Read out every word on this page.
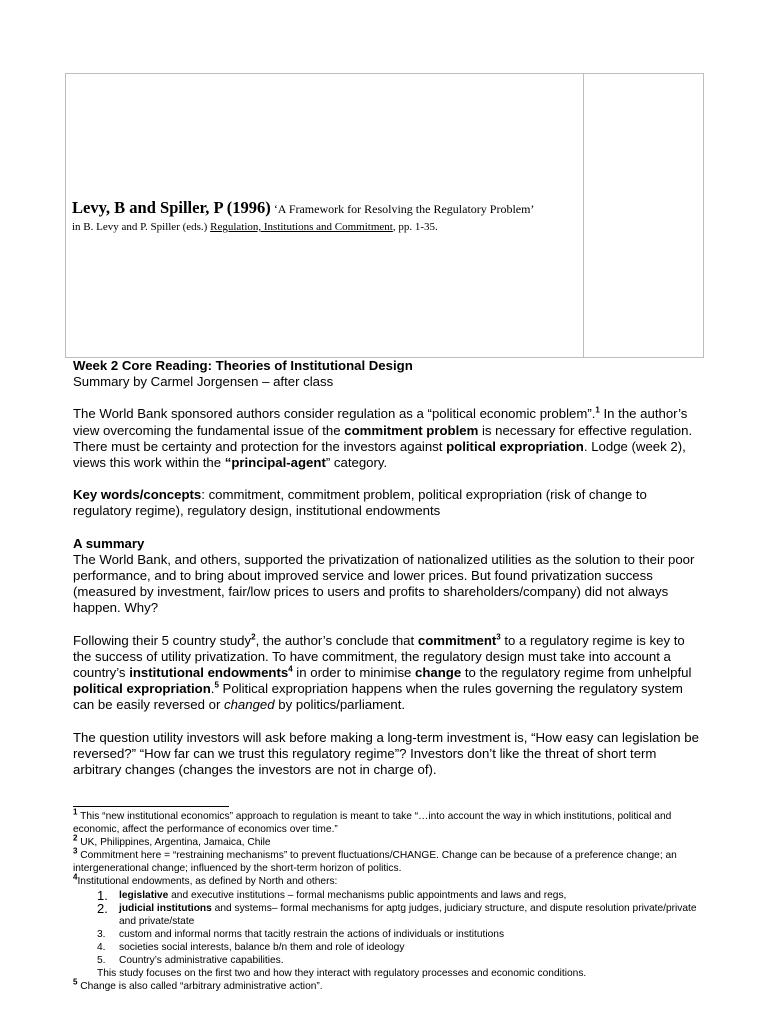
Levy, B and Spiller, P (1996) ‘A Framework for Resolving the Regulatory Problem’
in B. Levy and P. Spiller (eds.) Regulation, Institutions and Commitment, pp. 1-35.

Week 2 Core Reading: Theories of Institutional Design

Summary by Carmel Jorgensen – after class

The World Bank sponsored authors consider regulation as a “political economic problem”.$^1$ In the author’s view overcoming the fundamental issue of the commitment problem is necessary for effective regulation. There must be certainty and protection for the investors against political expropriation. Lodge (week 2), views this work within the “principal-agent” category.

Key words/concepts: commitment, commitment problem, political expropriation (risk of change to regulatory regime), regulatory design, institutional endowments

A summary

The World Bank, and others, supported the privatization of nationalized utilities as the solution to their poor performance, and to bring about improved service and lower prices. But found privatization success (measured by investment, fair/low prices to users and profits to shareholders/company) did not always happen. Why?

Following their 5 country study$^2$, the author’s conclude that commitment$^3$ to a regulatory regime is key to the success of utility privatization. To have commitment, the regulatory design must take into account a country’s institutional endowments$^4$ in order to minimise change to the regulatory regime from unhelpful political expropriation.$^5$ Political expropriation happens when the rules governing the regulatory system can be easily reversed or changed by politics/parliament.

The question utility investors will ask before making a long-term investment is, “How easy can legislation be reversed?” “How far can we trust this regulatory regime”? Investors don’t like the threat of short term arbitrary changes (changes the investors are not in charge of).

$^1$ This “new institutional economics” approach to regulation is meant to take “…into account the way in which institutions, political and economic, affect the performance of economics over time.”

$^2$ UK, Philippines, Argentina, Jamaica, Chile

$^3$ Commitment here = “restraining mechanisms” to prevent fluctuations/CHANGE. Change can be because of a preference change; an intergenerational change; influenced by the short-term horizon of politics.

$^4$Institutional endowments, as defined by North and others:

1. legislative and executive institutions – formal mechanisms public appointments and laws and regs,
2. judicial institutions and systems– formal mechanisms for aptg judges, judiciary structure, and dispute resolution private/private and private/state
3. custom and informal norms that tacitly restrain the actions of individuals or institutions
4. societies social interests, balance b/n them and role of ideology
5. Country’s administrative capabilities.

This study focuses on the first two and how they interact with regulatory processes and economic conditions.

$^5$ Change is also called “arbitrary administrative action”.
